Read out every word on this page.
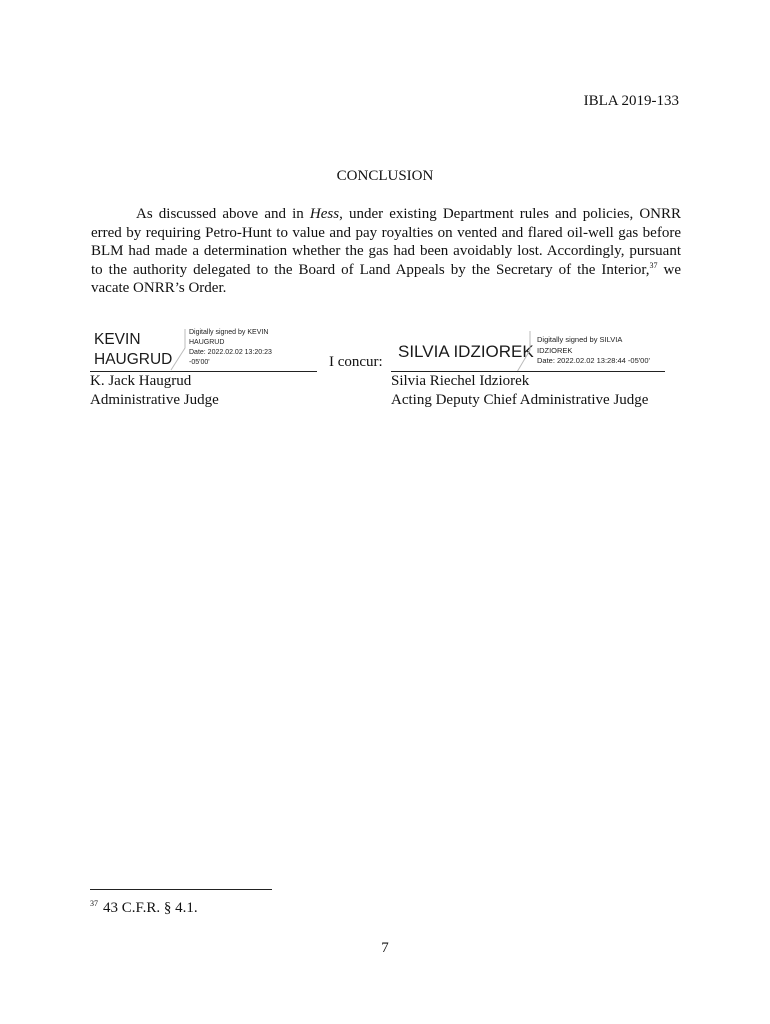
IBLA 2019-133
CONCLUSION
As discussed above and in Hess, under existing Department rules and policies, ONRR erred by requiring Petro-Hunt to value and pay royalties on vented and flared oil-well gas before BLM had made a determination whether the gas had been avoidably lost. Accordingly, pursuant to the authority delegated to the Board of Land Appeals by the Secretary of the Interior,$^{37}$ we vacate ONRR’s Order.
KEVIN
HAUGRUD
Digitally signed by KEVIN
HAUGRUD
Date: 2022.02.02 13:20:23
-05'00'
K. Jack Haugrud
Administrative Judge
I concur:
SILVIA IDZIOREK
Digitally signed by SILVIA
IDZIOREK
Date: 2022.02.02 13:28:44 -05'00'
Silvia Riechel Idziorek
Acting Deputy Chief Administrative Judge
$^{37}$ 43 C.F.R. § 4.1.
7
